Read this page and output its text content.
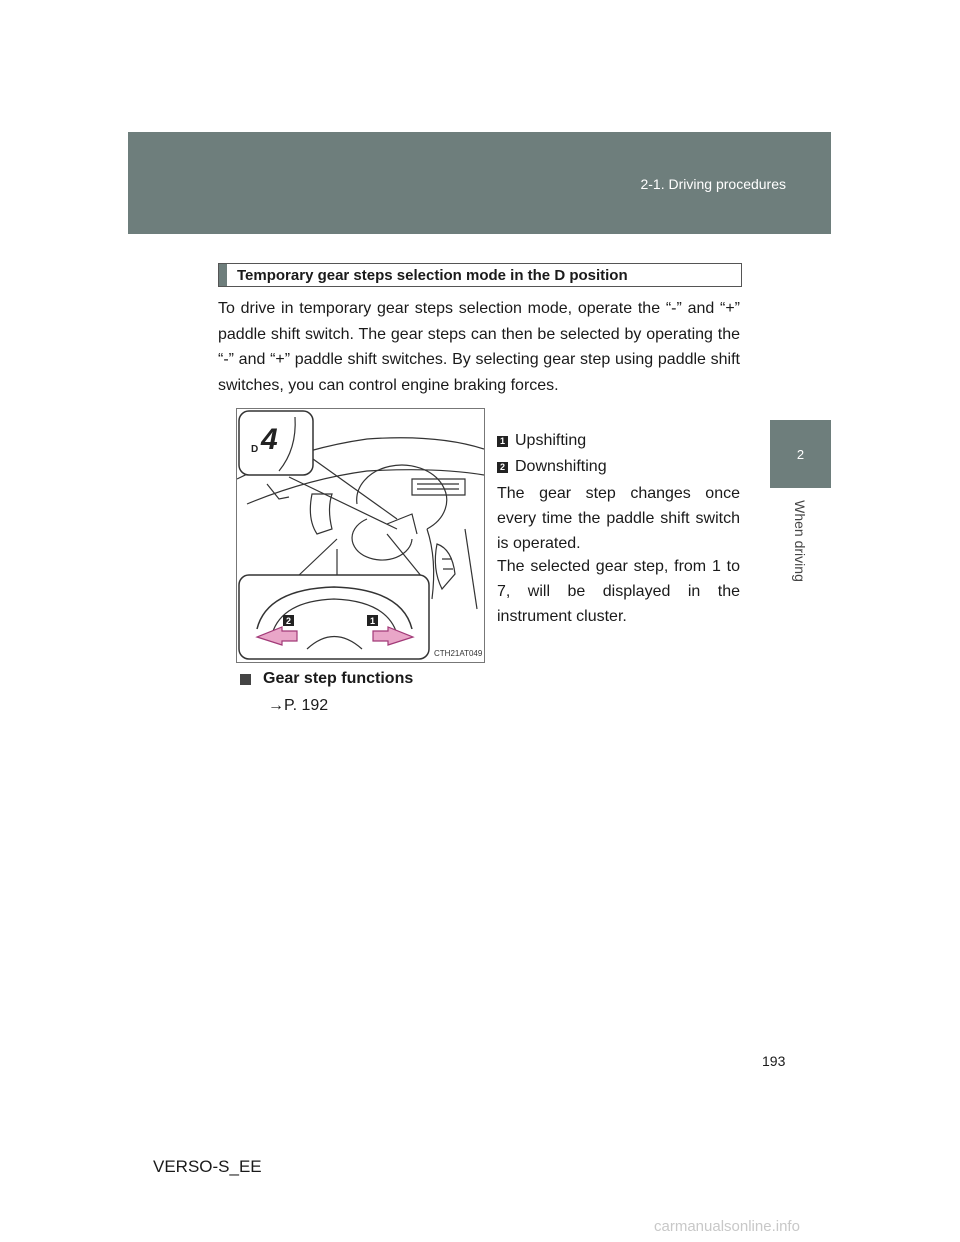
2-1. Driving procedures
2
When driving
Temporary gear steps selection mode in the D position
To drive in temporary gear steps selection mode, operate the “-” and “+” paddle shift switch. The gear steps can then be selected by operating the “-” and “+” paddle shift switches. By selecting gear step using paddle shift switches, you can control engine braking forces.
D 4
2	1
CTH21AT049
1 Upshifting
2 Downshifting
The gear step changes once every time the paddle shift switch is operated.
The selected gear step, from 1 to 7, will be displayed in the instrument cluster.
Gear step functions
→P. 192
193
VERSO-S_EE
carmanualsonline.info
